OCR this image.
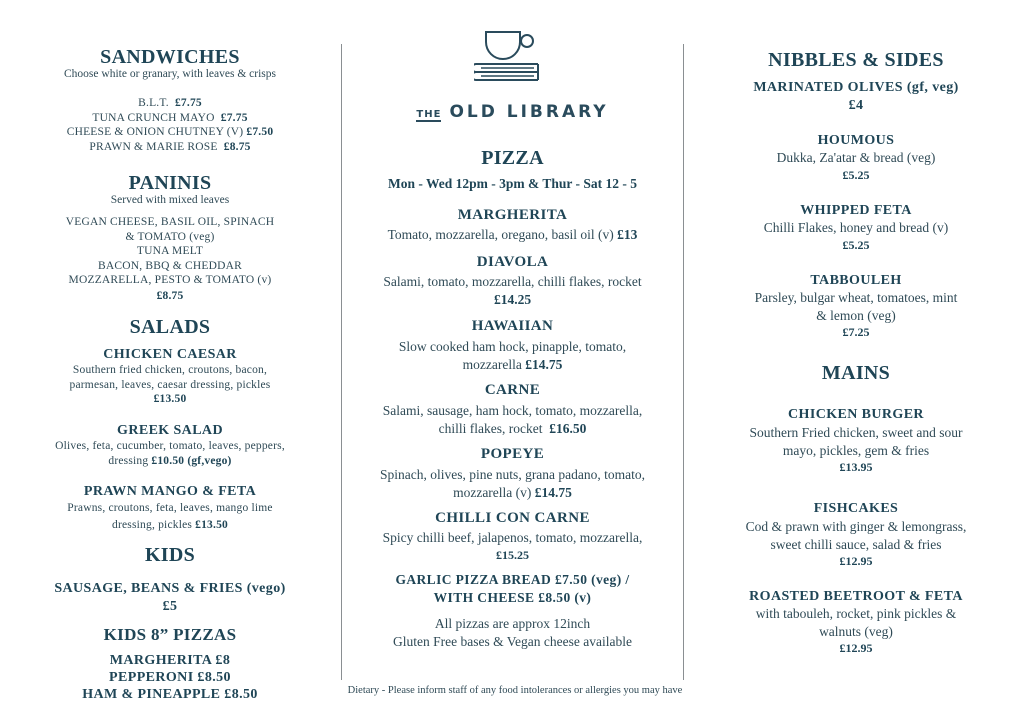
SANDWICHES
Choose white or granary, with leaves & crisps
B.L.T. £7.75
TUNA CRUNCH MAYO £7.75
CHEESE & ONION CHUTNEY (V) £7.50
PRAWN & MARIE ROSE £8.75
PANINIS
Served with mixed leaves
VEGAN CHEESE, BASIL OIL, SPINACH
& TOMATO (veg)
TUNA MELT
BACON, BBQ & CHEDDAR
MOZZARELLA, PESTO & TOMATO (v)
£8.75
SALADS
CHICKEN CAESAR
Southern fried chicken, croutons, bacon,
parmesan, leaves, caesar dressing, pickles
£13.50
GREEK SALAD
Olives, feta, cucumber, tomato, leaves, peppers,
dressing £10.50 (gf,vego)
PRAWN MANGO & FETA
Prawns, croutons, feta, leaves, mango lime
dressing, pickles £13.50
KIDS
SAUSAGE, BEANS & FRIES (vego)
£5
KIDS 8” PIZZAS
MARGHERITA £8
PEPPERONI £8.50
HAM & PINEAPPLE £8.50
THE OLD LIBRARY
PIZZA
Mon - Wed 12pm - 3pm & Thur - Sat 12 - 5
MARGHERITA
Tomato, mozzarella, oregano, basil oil (v) £13
DIAVOLA
Salami, tomato, mozzarella, chilli flakes, rocket
£14.25
HAWAIIAN
Slow cooked ham hock, pinapple, tomato,
mozzarella £14.75
CARNE
Salami, sausage, ham hock, tomato, mozzarella,
chilli flakes, rocket £16.50
POPEYE
Spinach, olives, pine nuts, grana padano, tomato,
mozzarella (v) £14.75
CHILLI CON CARNE
Spicy chilli beef, jalapenos, tomato, mozzarella,
£15.25
GARLIC PIZZA BREAD £7.50 (veg) /
WITH CHEESE £8.50 (v)
All pizzas are approx 12inch
Gluten Free bases & Vegan cheese available
Dietary - Please inform staff of any food intolerances or allergies you may have
NIBBLES & SIDES
MARINATED OLIVES (gf, veg)
£4
HOUMOUS
Dukka, Za'atar & bread (veg)
£5.25
WHIPPED FETA
Chilli Flakes, honey and bread (v)
£5.25
TABBOULEH
Parsley, bulgar wheat, tomatoes, mint
& lemon (veg)
£7.25
MAINS
CHICKEN BURGER
Southern Fried chicken, sweet and sour
mayo, pickles, gem & fries
£13.95
FISHCAKES
Cod & prawn with ginger & lemongrass,
sweet chilli sauce, salad & fries
£12.95
ROASTED BEETROOT & FETA
with tabouleh, rocket, pink pickles &
walnuts (veg)
£12.95
